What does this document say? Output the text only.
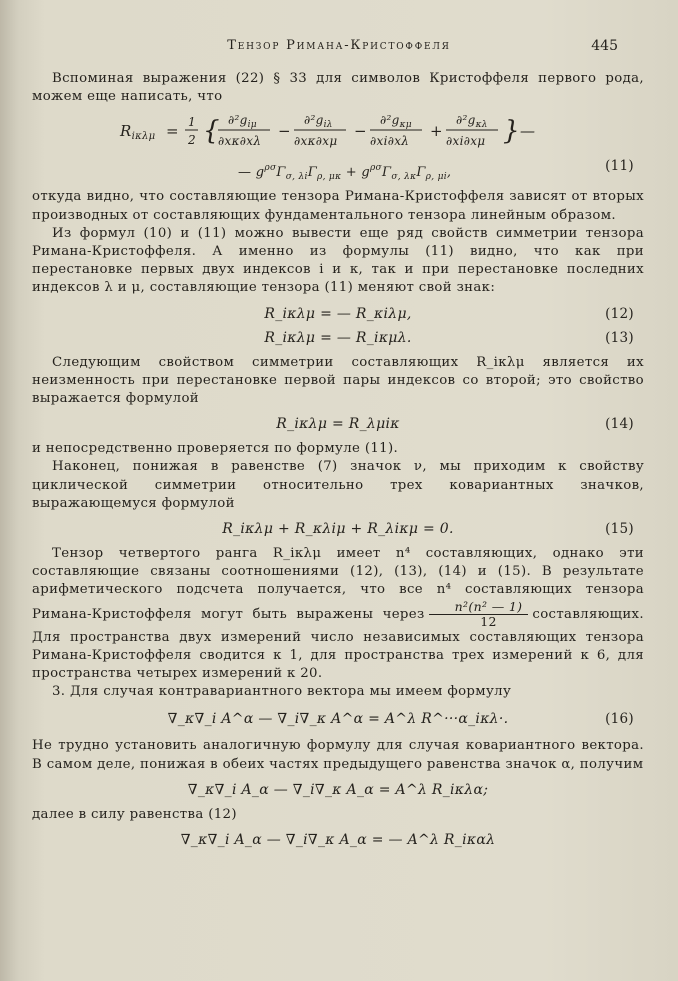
Тензор Римана-Кристоффеля	445

Вспоминая выражения (22) § 33 для символов Кристоффеля первого рода, можем еще написать, что

$R_{i\kappa\lambda\mu} = 1$
2 { $\partial^2g_{i\mu}$
∂xκ∂xλ
−
$\partial^2g_{i\lambda}$
∂xκ∂xμ
−
$\partial^2g_{\kappa\mu}$
∂xi∂xλ
+
$\partial^2g_{\kappa\lambda}$
∂xi∂xμ } —
— $g^{\rho\sigma}\Gamma_{\sigma, \lambda i}\Gamma_{\rho, \mu\kappa} + g^{\rho\sigma}\Gamma_{\sigma, \lambda\kappa}\Gamma_{\rho, \mu i}$,	(11)

откуда видно, что составляющие тензора Римана-Кристоффеля зависят от вторых производных от составляющих фундаментального тензора линейным образом.

Из формул (10) и (11) можно вывести еще ряд свойств симметрии тензора Римана-Кристоффеля. А именно из формулы (11) видно, что как при перестановке первых двух индексов i и κ, так и при перестановке последних индексов λ и μ, составляющие тензора (11) меняют свой знак:

R_iκλμ = — R_κiλμ,	(12)
R_iκλμ = — R_iκμλ.	(13)

Следующим свойством симметрии составляющих R_iκλμ является их неизменность при перестановке первой пары индексов со второй; это свойство выражается формулой

R_iκλμ = R_λμiκ	(14)

и непосредственно проверяется по формуле (11).

Наконец, понижая в равенстве (7) значок ν, мы приходим к свойству циклической симметрии относительно трех ковариантных значков, выражающемуся формулой

R_iκλμ + R_κλiμ + R_λiκμ = 0.	(15)

Тензор четвертого ранга R_iκλμ имеет n⁴ составляющих, однако эти составляющие связаны соотношениями (12), (13), (14) и (15). В результате арифметического подсчета получается, что все n⁴ составляющих тензора Римана-Кристоффеля могут быть выражены через $\frac{\text{n²(n² — 1)}}{12}$ составляющих. Для пространства двух измерений число независимых составляющих тензора Римана-Кристоффеля сводится к 1, для пространства трех измерений к 6, для пространства четырех измерений к 20.

3. Для случая контравариантного вектора мы имеем формулу

∇_κ∇_i A^α — ∇_i∇_κ A^α = A^λ R^···α_iκλ·.	(16)

Не трудно установить аналогичную формулу для случая ковариантного вектора. В самом деле, понижая в обеих частях предыдущего равенства значок α, получим

∇_κ∇_i A_α — ∇_i∇_κ A_α = A^λ R_iκλα;

далее в силу равенства (12)

∇_κ∇_i A_α — ∇_i∇_κ A_α = — A^λ R_iκαλ
